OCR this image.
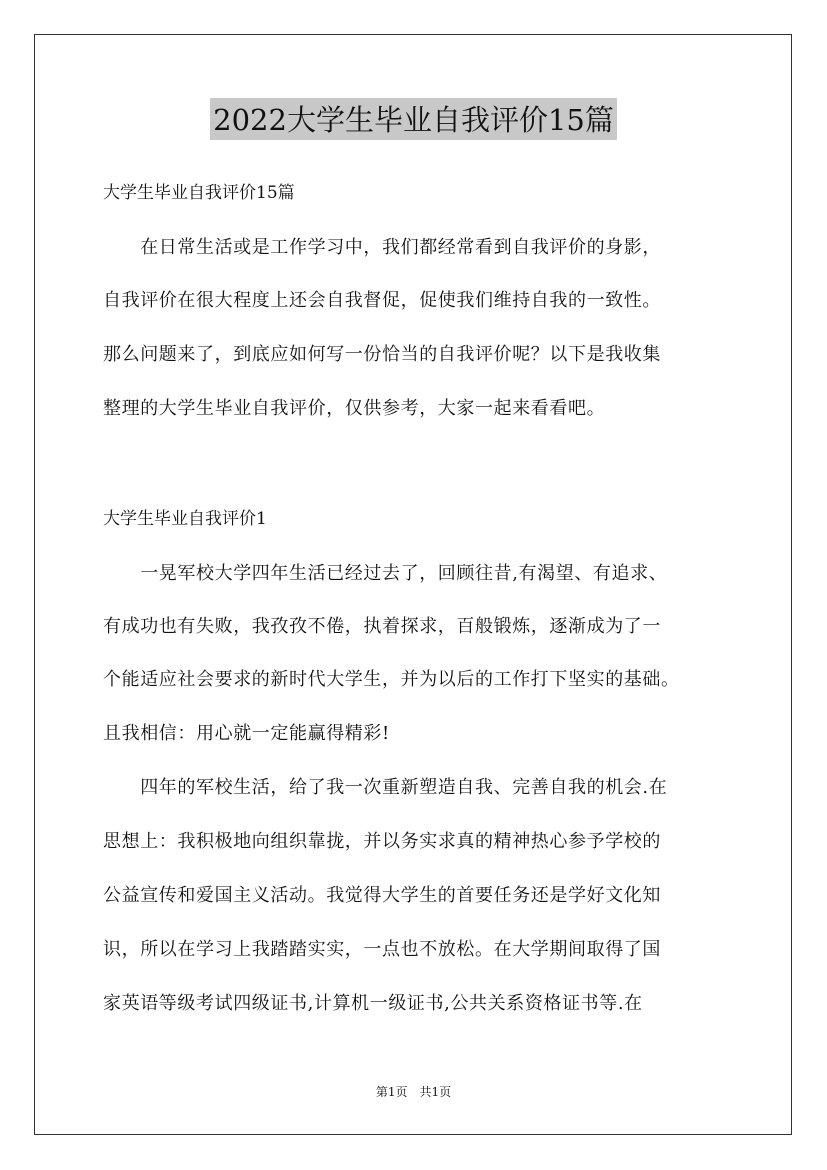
2022大学生毕业自我评价15篇
大学生毕业自我评价15篇
　　在日常生活或是工作学习中，我们都经常看到自我评价的身影，
自我评价在很大程度上还会自我督促，促使我们维持自我的一致性。
那么问题来了，到底应如何写一份恰当的自我评价呢？以下是我收集
整理的大学生毕业自我评价，仅供参考，大家一起来看看吧。
大学生毕业自我评价1
　　一晃军校大学四年生活已经过去了，回顾往昔,有渴望、有追求、
有成功也有失败，我孜孜不倦，执着探求，百般锻炼，逐渐成为了一
个能适应社会要求的新时代大学生，并为以后的工作打下坚实的基础。
且我相信：用心就一定能赢得精彩!
　　四年的军校生活，给了我一次重新塑造自我、完善自我的机会.在
思想上：我积极地向组织靠拢，并以务实求真的精神热心参予学校的
公益宣传和爱国主义活动。我觉得大学生的首要任务还是学好文化知
识，所以在学习上我踏踏实实，一点也不放松。在大学期间取得了国
家英语等级考试四级证书,计算机一级证书,公共关系资格证书等.在
第1页　共1页
